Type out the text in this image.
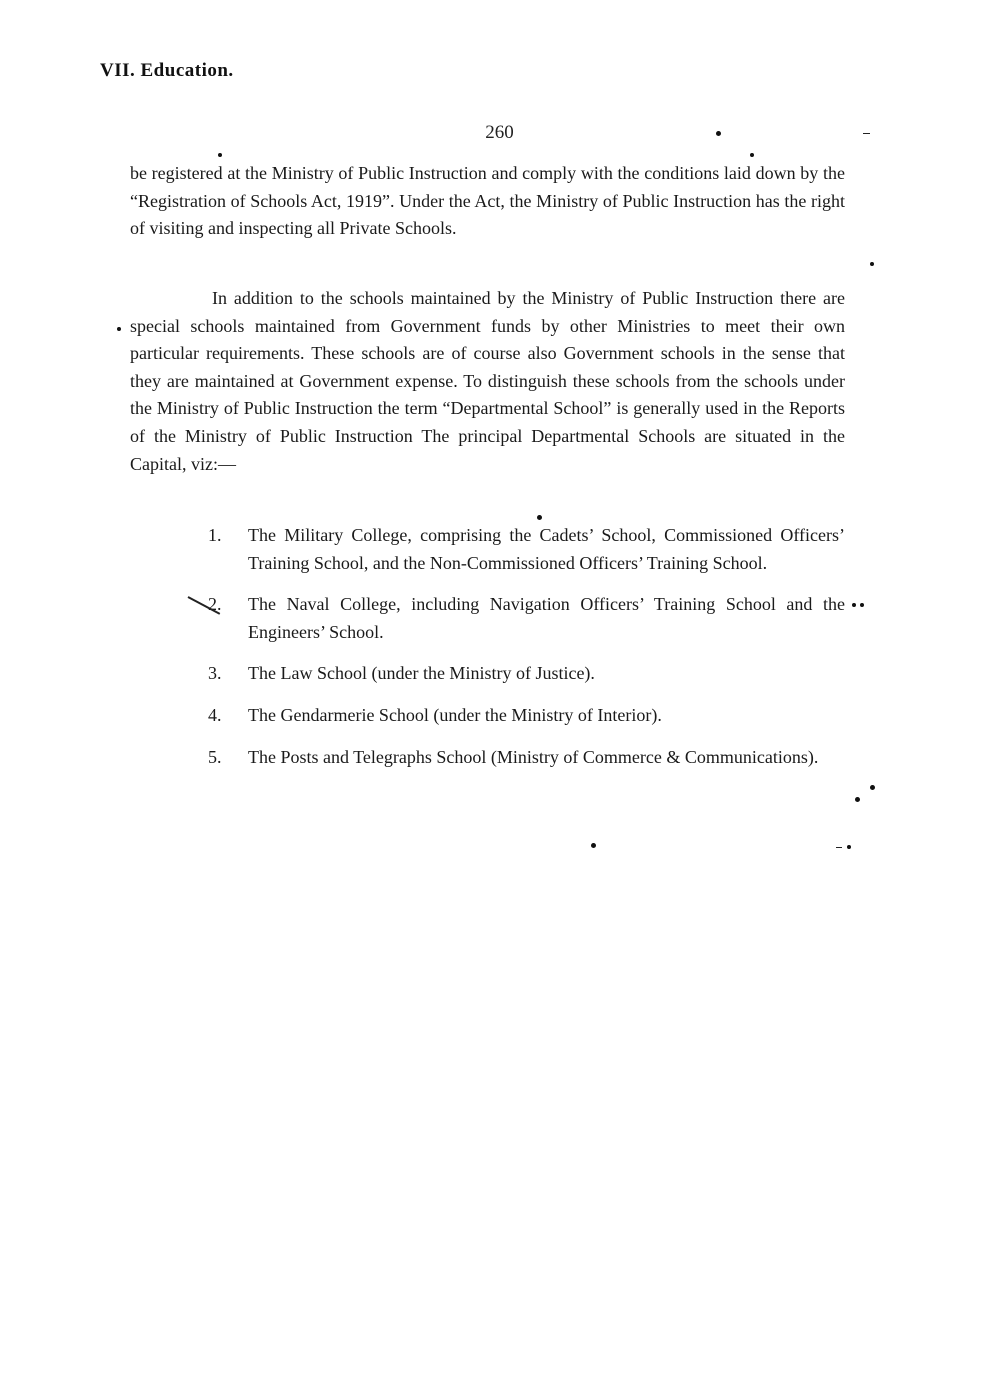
VII. Education.
260

be registered at the Ministry of Public Instruction and comply with the conditions laid down by the “Registration of Schools Act, 1919”. Under the Act, the Ministry of Public Instruction has the right of visiting and inspecting all Private Schools.

In addition to the schools maintained by the Ministry of Public Instruction there are special schools maintained from Government funds by other Ministries to meet their own particular requirements. These schools are of course also Government schools in the sense that they are maintained at Government expense. To distinguish these schools from the schools under the Ministry of Public Instruction the term “Departmental School” is generally used in the Reports of the Ministry of Public Instruction The principal Departmental Schools are situated in the Capital, viz:—

1.	The Military College, comprising the Cadets’ School, Commissioned Officers’ Training School, and the Non-Commissioned Officers’ Training School.
2.	The Naval College, including Navigation Officers’ Training School and the Engineers’ School.
3.	The Law School (under the Ministry of Justice).
4.	The Gendarmerie School (under the Ministry of Interior).
5.	The Posts and Telegraphs School (Ministry of Commerce & Communications).
